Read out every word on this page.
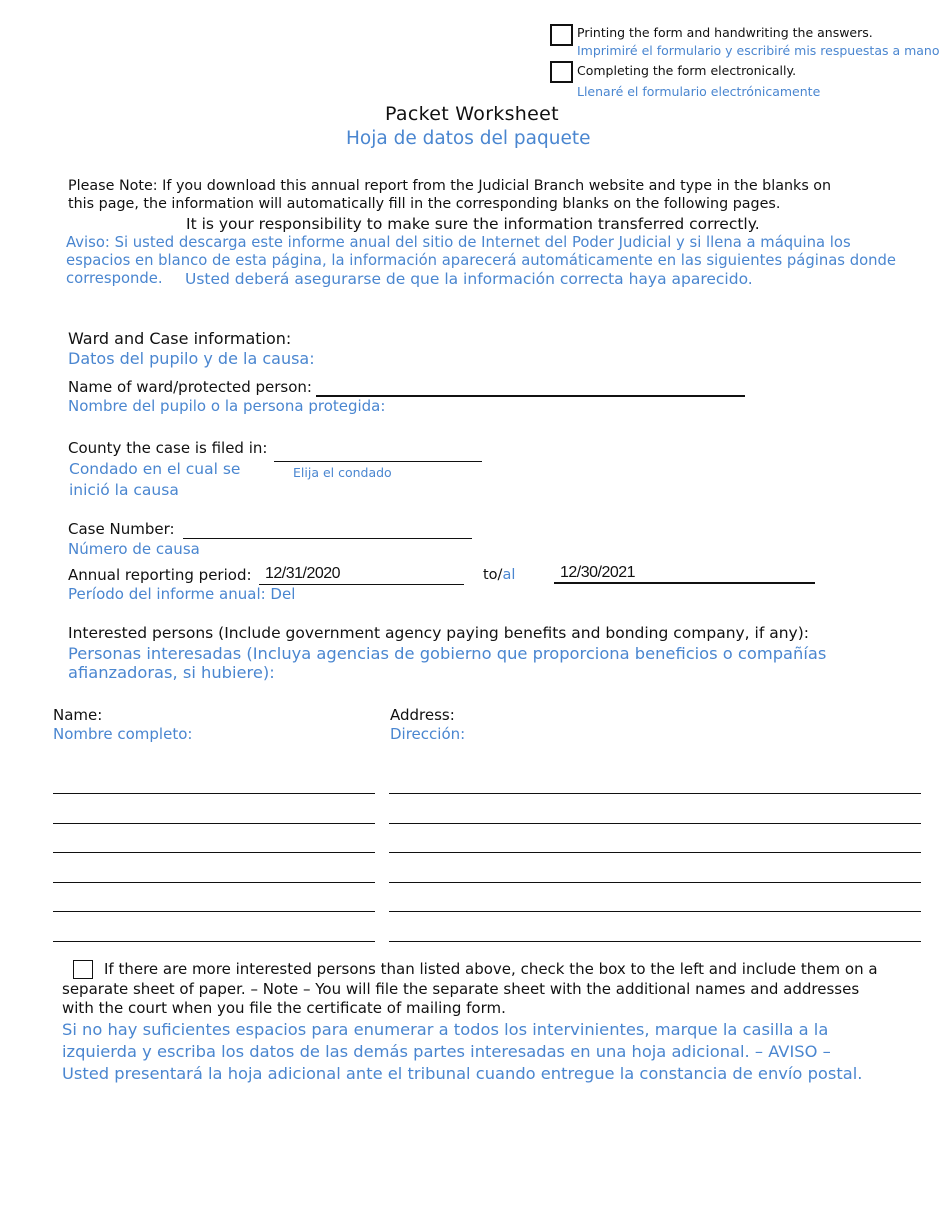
Printing the form and handwriting the answers.
Imprimiré el formulario y escribiré mis respuestas a mano
Completing the form electronically.
Llenaré el formulario electrónicamente
Packet Worksheet
Hoja de datos del paquete
Please Note: If you download this annual report from the Judicial Branch website and type in the blanks on
this page, the information will automatically fill in the corresponding blanks on the following pages.
It is your responsibility to make sure the information transferred correctly.
Aviso: Si usted descarga este informe anual del sitio de Internet del Poder Judicial y si llena a máquina los
espacios en blanco de esta página, la información aparecerá automáticamente en las siguientes páginas donde
corresponde. Usted deberá asegurarse de que la información correcta haya aparecido.
Ward and Case information:
Datos del pupilo y de la causa:
Name of ward/protected person:
Nombre del pupilo o la persona protegida:
County the case is filed in:
Elija el condado
Condado en el cual se
inició la causa
Case Number:
Número de causa
Annual reporting period:
12/31/2020	to/al
12/30/2021
Período del informe anual: Del
Interested persons (Include government agency paying benefits and bonding company, if any):
Personas interesadas (Incluya agencias de gobierno que proporciona beneficios o compañías
afianzadoras, si hubiere):
Name:
Nombre completo:
Address:
Dirección:
If there are more interested persons than listed above, check the box to the left and include them on a
separate sheet of paper. – Note – You will file the separate sheet with the additional names and addresses
with the court when you file the certificate of mailing form.
Si no hay suficientes espacios para enumerar a todos los intervinientes, marque la casilla a la
izquierda y escriba los datos de las demás partes interesadas en una hoja adicional. – AVISO –
Usted presentará la hoja adicional ante el tribunal cuando entregue la constancia de envío postal.
